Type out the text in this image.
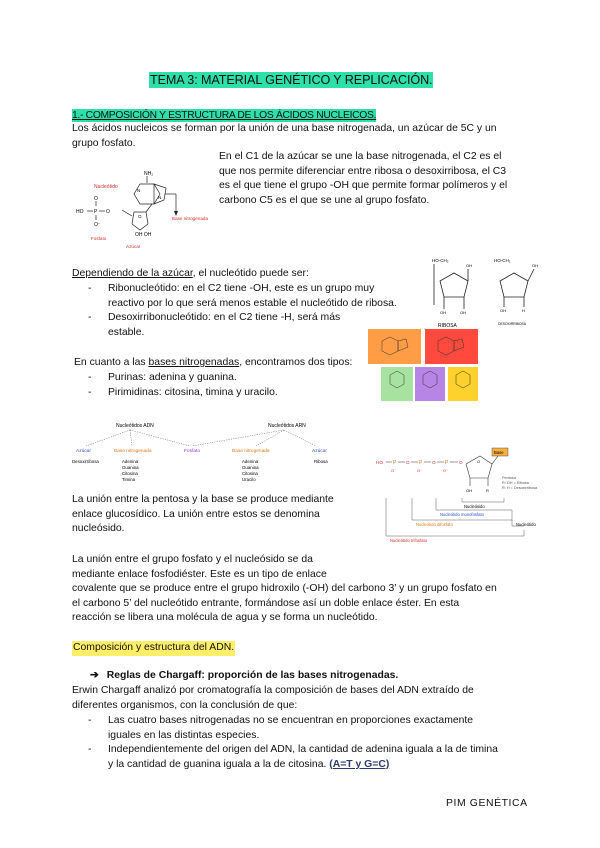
TEMA 3: MATERIAL GENÉTICO Y REPLICACIÓN.
1.- COMPOSICIÓN Y ESTRUCTURA DE LOS ÁCIDOS NUCLEICOS.
Los ácidos nucleicos se forman por la unión de una base nitrogenada, un azúcar de 5C y un
grupo fosfato.
Nucleótido
NH₂
N
N
O
OH OH
HO P O
O
O⁻
Base nitrogenada
Fosfato
Azúcar
En el C1 de la azúcar se une la base nitrogenada, el C2 es el
que nos permite diferenciar entre ribosa o desoxirribosa, el C3
es el que tiene el grupo -OH que permite formar polímeros y el
carbono C5 es el que se une al grupo fosfato.
Dependiendo de la azúcar, el nucleótido puede ser:
- Ribonucleótido: en el C2 tiene -OH, este es un grupo muy
reactivo por lo que será menos estable el nucleótido de ribosa.
- Desoxirribonucleótido: en el C2 tiene -H, será más
estable.
HO-CH₂
OH
OH	OH
RIBOSA
HO-CH₂
OH
OH	H
DESOXIRRIBOSA
En cuanto a las bases nitrogenadas, encontramos dos tipos:
- Purinas: adenina y guanina.
- Pirimidinas: citosina, timina y uracilo.
Nucleótidos ADN	Nucleótidos ARN
Azúcar
Desoxirribosa
Base nitrogenada
Adenina
Guanina
Citosina
Timina
Fosfato	Base nitrogenada
Adenina
Guanina
Citosina
Uracilo
Azúcar
Ribosa
La unión entre la pentosa y la base se produce mediante
enlace glucosídico. La unión entre estos se denomina
nucleósido.
HO P O P O P O
O⁻	O⁻	O⁻
O
Base
OH	R
Pentosa
R: OH = Ribosa
R: H = Desoxirribosa
Nucleósido
Nucleótido monofosfato
Nucleótido difosfato
Nucleótido trifosfato
Nucleótido
La unión entre el grupo fosfato y el nucleósido se da
mediante enlace fosfodiéster. Este es un tipo de enlace
covalente que se produce entre el grupo hidroxilo (-OH) del carbono 3’ y un grupo fosfato en
el carbono 5’ del nucleótido entrante, formándose así un doble enlace éster. En esta
reacción se libera una molécula de agua y se forma un nucleótido.
Composición y estructura del ADN.
➔ Reglas de Chargaff: proporción de las bases nitrogenadas.
Erwin Chargaff analizó por cromatografía la composición de bases del ADN extraído de
diferentes organismos, con la conclusión de que:
- Las cuatro bases nitrogenadas no se encuentran en proporciones exactamente
iguales en las distintas especies.
- Independientemente del origen del ADN, la cantidad de adenina iguala a la de timina
y la cantidad de guanina iguala a la de citosina. (A=T y G=C)
PIM GENÉTICA
